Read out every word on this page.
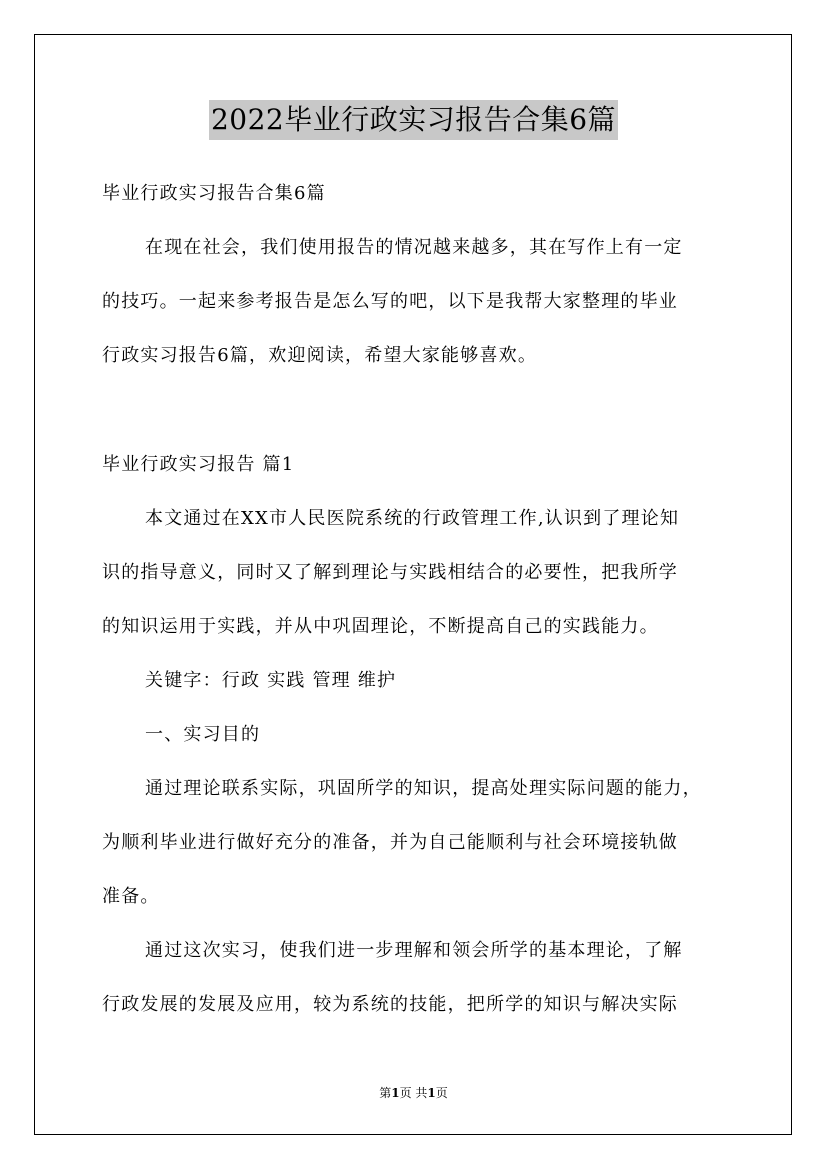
2022毕业行政实习报告合集6篇
毕业行政实习报告合集6篇
在现在社会，我们使用报告的情况越来越多，其在写作上有一定
的技巧。一起来参考报告是怎么写的吧，以下是我帮大家整理的毕业
行政实习报告6篇，欢迎阅读，希望大家能够喜欢。
毕业行政实习报告 篇1
本文通过在XX市人民医院系统的行政管理工作,认识到了理论知
识的指导意义，同时又了解到理论与实践相结合的必要性，把我所学
的知识运用于实践，并从中巩固理论，不断提高自己的实践能力。
关键字：行政 实践 管理 维护
一、实习目的
通过理论联系实际，巩固所学的知识，提高处理实际问题的能力，
为顺利毕业进行做好充分的准备，并为自己能顺利与社会环境接轨做
准备。
通过这次实习，使我们进一步理解和领会所学的基本理论，了解
行政发展的发展及应用，较为系统的技能，把所学的知识与解决实际
第1页 共1页
